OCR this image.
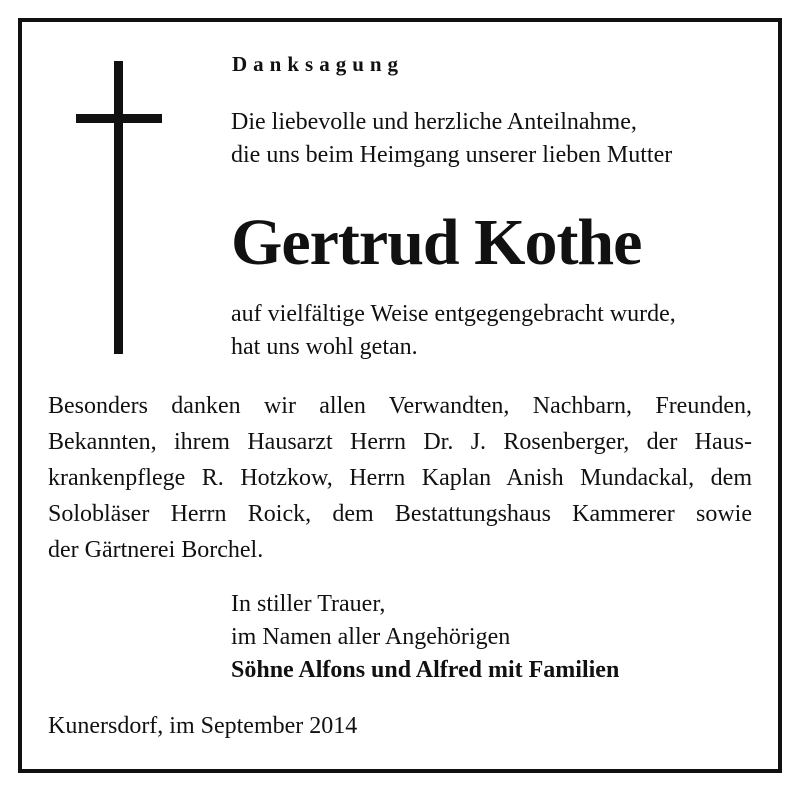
Danksagung
Die liebevolle und herzliche Anteilnahme,
die uns beim Heimgang unserer lieben Mutter
Gertrud Kothe
auf vielfältige Weise entgegengebracht wurde,
hat uns wohl getan.
Besonders danken wir allen Verwandten, Nachbarn, Freunden,
Bekannten, ihrem Hausarzt Herrn Dr. J. Rosenberger, der Haus-
krankenpflege R. Hotzkow, Herrn Kaplan Anish Mundackal, dem
Solobläser Herrn Roick, dem Bestattungshaus Kammerer sowie
der Gärtnerei Borchel.
In stiller Trauer,
im Namen aller Angehörigen
Söhne Alfons und Alfred mit Familien
Kunersdorf, im September 2014
